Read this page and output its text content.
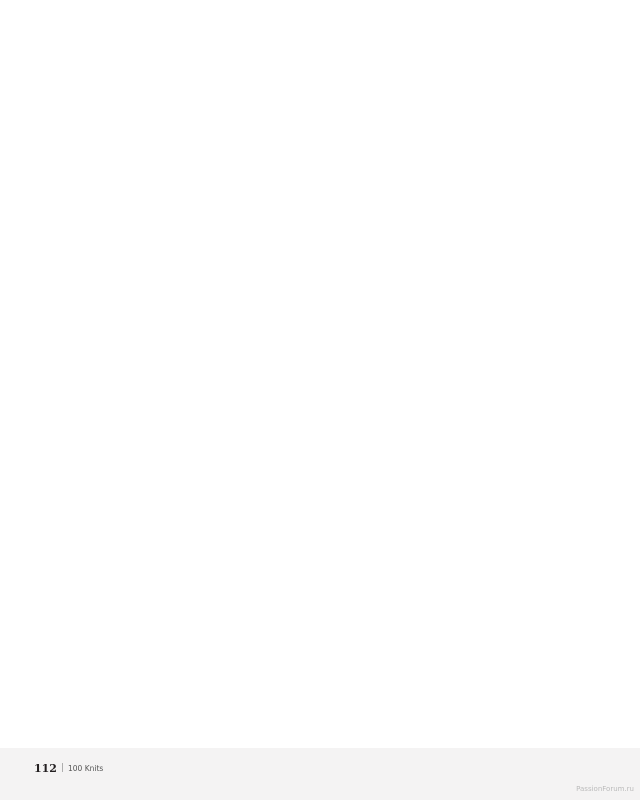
112 | 100 Knits
PassionForum.ru
